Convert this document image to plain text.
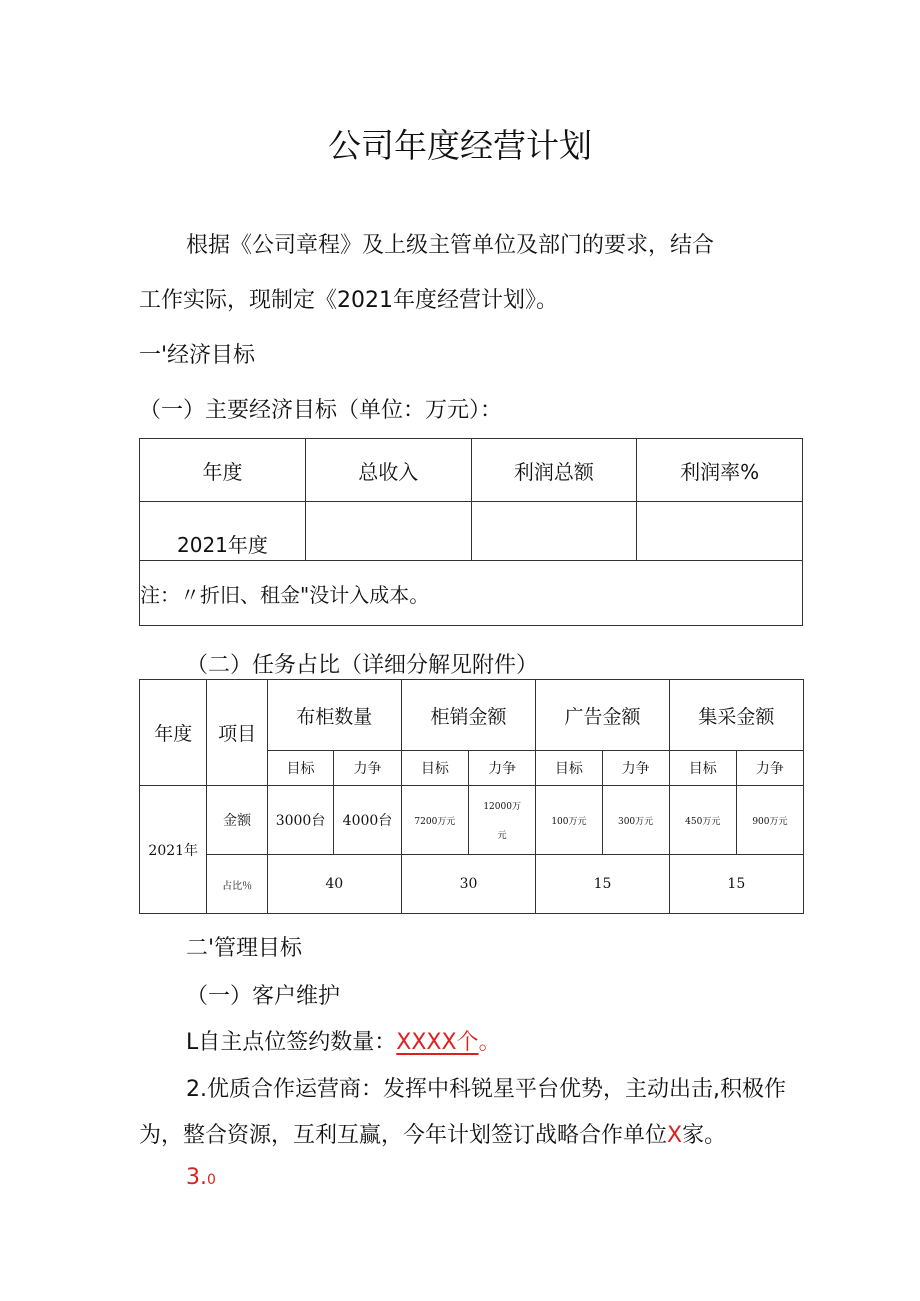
公司年度经营计划
根据《公司章程》及上级主管单位及部门的要求，结合
工作实际，现制定《2021年度经营计划》。
一'经济目标
（一）主要经济目标（单位：万元）：
年度	总收入	利润总额	利润率%
2021年度			
注：〃折旧、租金"没计入成本。			
（二）任务占比（详细分解见附件）
年度	项目	布柜数量		柜销金额		广告金额		集采金额	
		目标	力争	目标	力争	目标	力争	目标	力争
2021年	金额	3000台	4000台	7200万元	12000万
元	100万元	300万元	450万元	900万元
	占比％	40		30		15		15	
二'管理目标
（一）客户维护
L自主点位签约数量：XXXX个。
2.优质合作运营商：发挥中科锐星平台优势，主动出击,积极作
为，整合资源，互利互赢，今年计划签订战略合作单位X家。
3.0
